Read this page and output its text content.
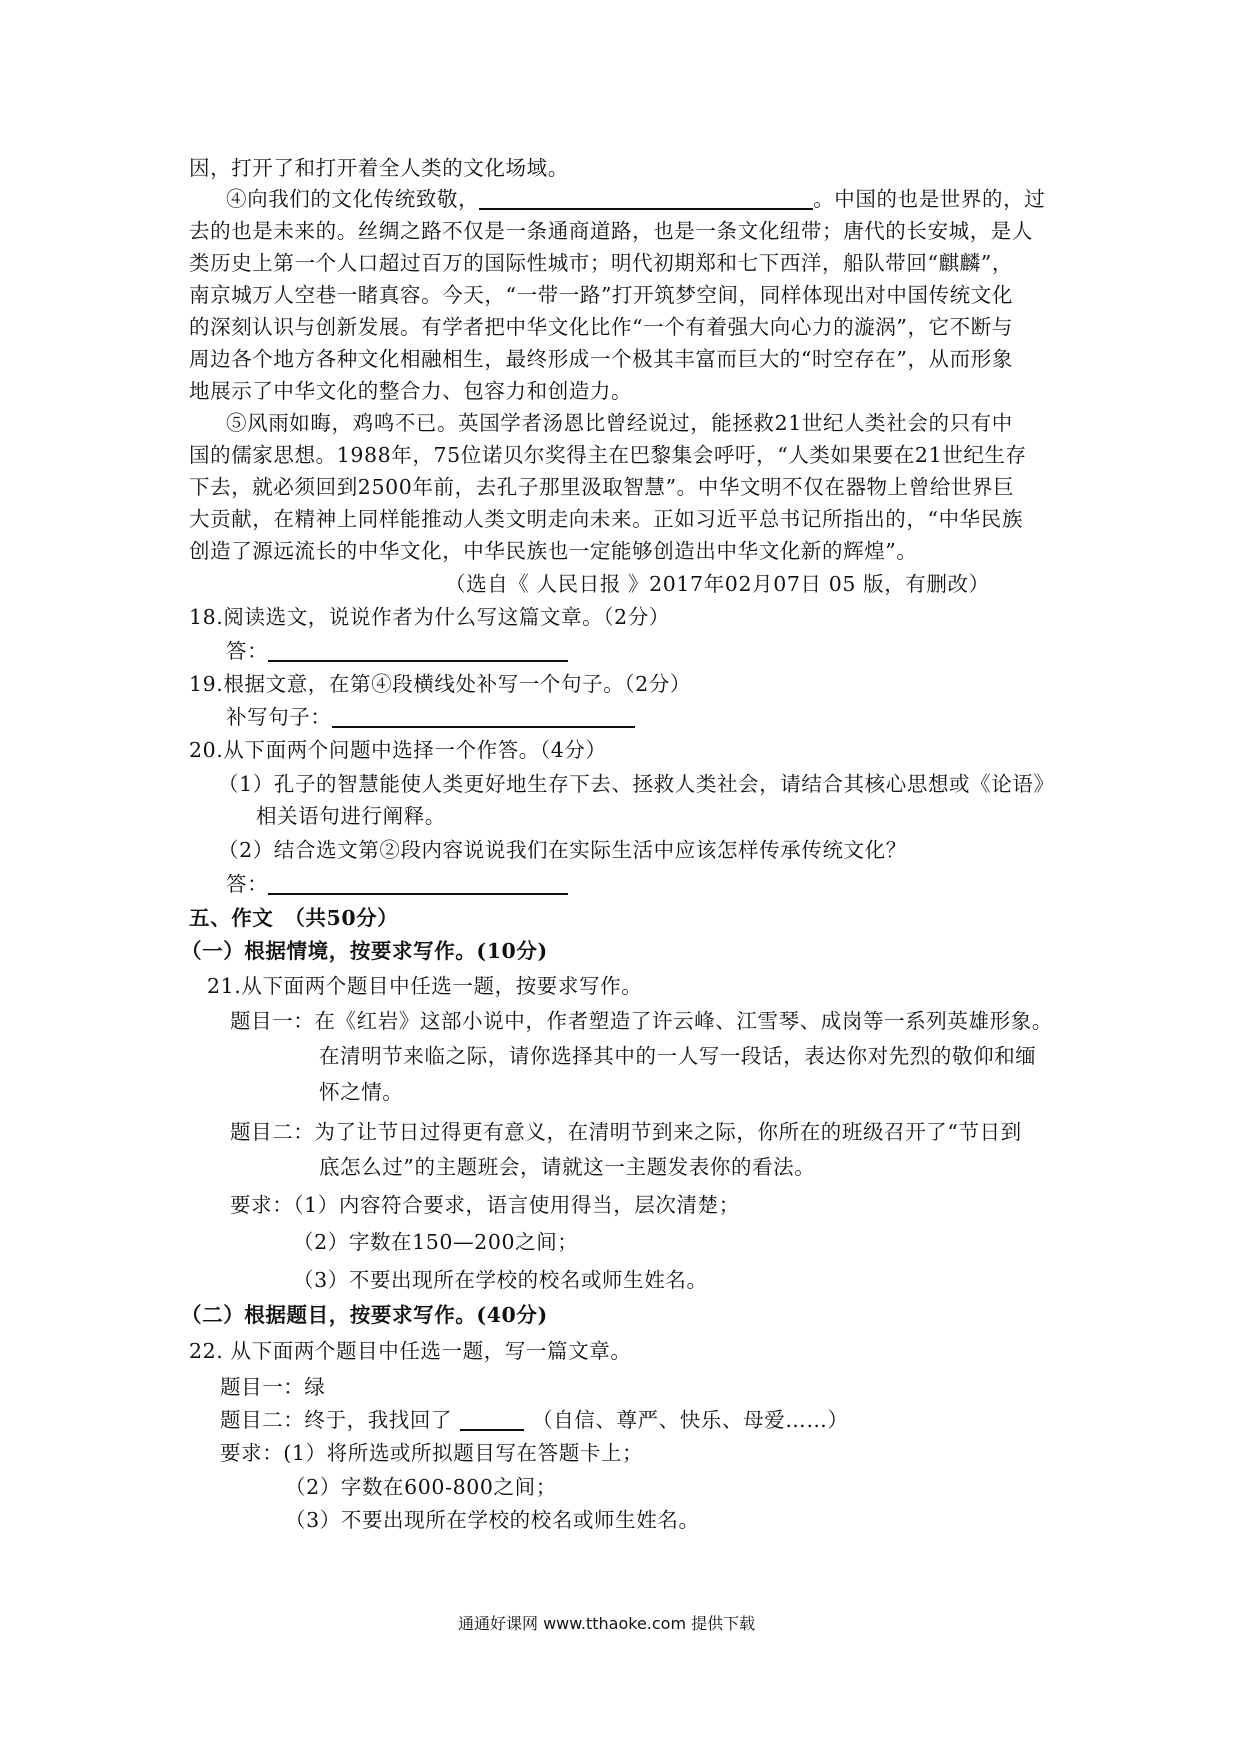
因，打开了和打开着全人类的文化场域。
④向我们的文化传统致敬，	。中国的也是世界的，过
去的也是未来的。丝绸之路不仅是一条通商道路，也是一条文化纽带；唐代的长安城，是人
类历史上第一个人口超过百万的国际性城市；明代初期郑和七下西洋，船队带回“麒麟”，
南京城万人空巷一睹真容。今天，“一带一路”打开筑梦空间，同样体现出对中国传统文化
的深刻认识与创新发展。有学者把中华文化比作“一个有着强大向心力的漩涡”，它不断与
周边各个地方各种文化相融相生，最终形成一个极其丰富而巨大的“时空存在”，从而形象
地展示了中华文化的整合力、包容力和创造力。
⑤风雨如晦，鸡鸣不已。英国学者汤恩比曾经说过，能拯救21世纪人类社会的只有中
国的儒家思想。1988年，75位诺贝尔奖得主在巴黎集会呼吁，“人类如果要在21世纪生存
下去，就必须回到2500年前，去孔子那里汲取智慧”。中华文明不仅在器物上曾给世界巨
大贡献，在精神上同样能推动人类文明走向未来。正如习近平总书记所指出的，“中华民族
创造了源远流长的中华文化，中华民族也一定能够创造出中华文化新的辉煌”。
（选自《 人民日报 》2017年02月07日 05 版，有删改）
18.阅读选文，说说作者为什么写这篇文章。（2分）
答：
19.根据文意，在第④段横线处补写一个句子。（2分）
补写句子：
20.从下面两个问题中选择一个作答。（4分）
（1）孔子的智慧能使人类更好地生存下去、拯救人类社会，请结合其核心思想或《论语》
相关语句进行阐释。
（2）结合选文第②段内容说说我们在实际生活中应该怎样传承传统文化？
答：
五、作文　（共50分）
（一）根据情境，按要求写作。(10分)
21.从下面两个题目中任选一题，按要求写作。
题目一：在《红岩》这部小说中，作者塑造了许云峰、江雪琴、成岗等一系列英雄形象。
在清明节来临之际，请你选择其中的一人写一段话，表达你对先烈的敬仰和缅
怀之情。
题目二：为了让节日过得更有意义，在清明节到来之际，你所在的班级召开了“节日到
底怎么过”的主题班会，请就这一主题发表你的看法。
要求：（1）内容符合要求，语言使用得当，层次清楚；
（2）字数在150—200之间；
（3）不要出现所在学校的校名或师生姓名。
（二）根据题目，按要求写作。(40分)
22. 从下面两个题目中任选一题，写一篇文章。
题目一：绿
题目二：终于，我找回了	（自信、尊严、快乐、母爱……）
要求：(1）将所选或所拟题目写在答题卡上；
（2）字数在600-800之间；
（3）不要出现所在学校的校名或师生姓名。
通通好课网 www.tthaoke.com 提供下载
